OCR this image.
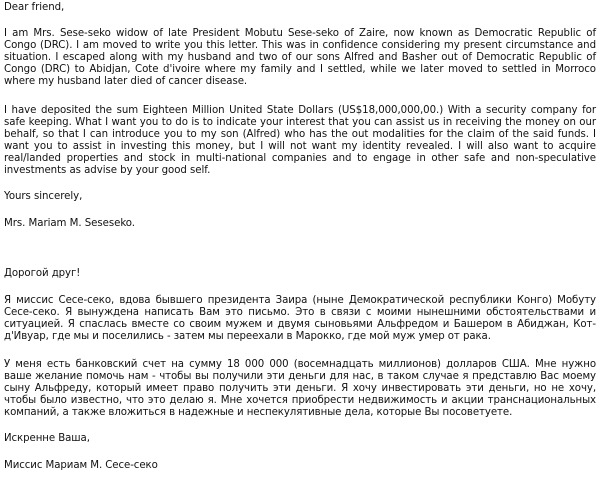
Dear friend,

I am Mrs. Sese-seko widow of late President Mobutu Sese-seko of Zaire, now known as Democratic Republic of Congo (DRC). I am moved to write you this letter. This was in confidence considering my present circumstance and situation. I escaped along with my husband and two of our sons Alfred and Basher out of Democratic Republic of Congo (DRC) to Abidjan, Cote d'ivoire where my family and I settled, while we later moved to settled in Morroco where my husband later died of cancer disease.

I have deposited the sum Eighteen Million United State Dollars (US$18,000,000,00.) With a security company for safe keeping. What I want you to do is to indicate your interest that you can assist us in receiving the money on our behalf, so that I can introduce you to my son (Alfred) who has the out modalities for the claim of the said funds. I want you to assist in investing this money, but I will not want my identity revealed. I will also want to acquire real/landed properties and stock in multi-national companies and to engage in other safe and non-speculative investments as advise by your good self.

Yours sincerely,

Mrs. Mariam M. Seseseko.

Дорогой друг!

Я миссис Сесе-секо, вдова бывшего президента Заира (ныне Демократической республики Конго) Мобуту Сесе-секо. Я вынуждена написать Вам это письмо. Это в связи с моими нынешними обстоятельствами и ситуацией. Я спаслась вместе со своим мужем и двумя сыновьями Альфредом и Башером в Абиджан, Кот-д'Ивуар, где мы и поселились - затем мы переехали в Марокко, где мой муж умер от рака.

У меня есть банковский счет на сумму 18 000 000 (восемнадцать миллионов) долларов США. Мне нужно ваше желание помочь нам - чтобы вы получили эти деньги для нас, в таком случае я представлю Вас моему сыну Альфреду, который имеет право получить эти деньги. Я хочу инвестировать эти деньги, но не хочу, чтобы было известно, что это делаю я. Мне хочется приобрести недвижимость и акции транснациональных компаний, а также вложиться в надежные и неспекулятивные дела, которые Вы посоветуете.

Искренне Ваша,

Миссис Мариам М. Сесе-секо
